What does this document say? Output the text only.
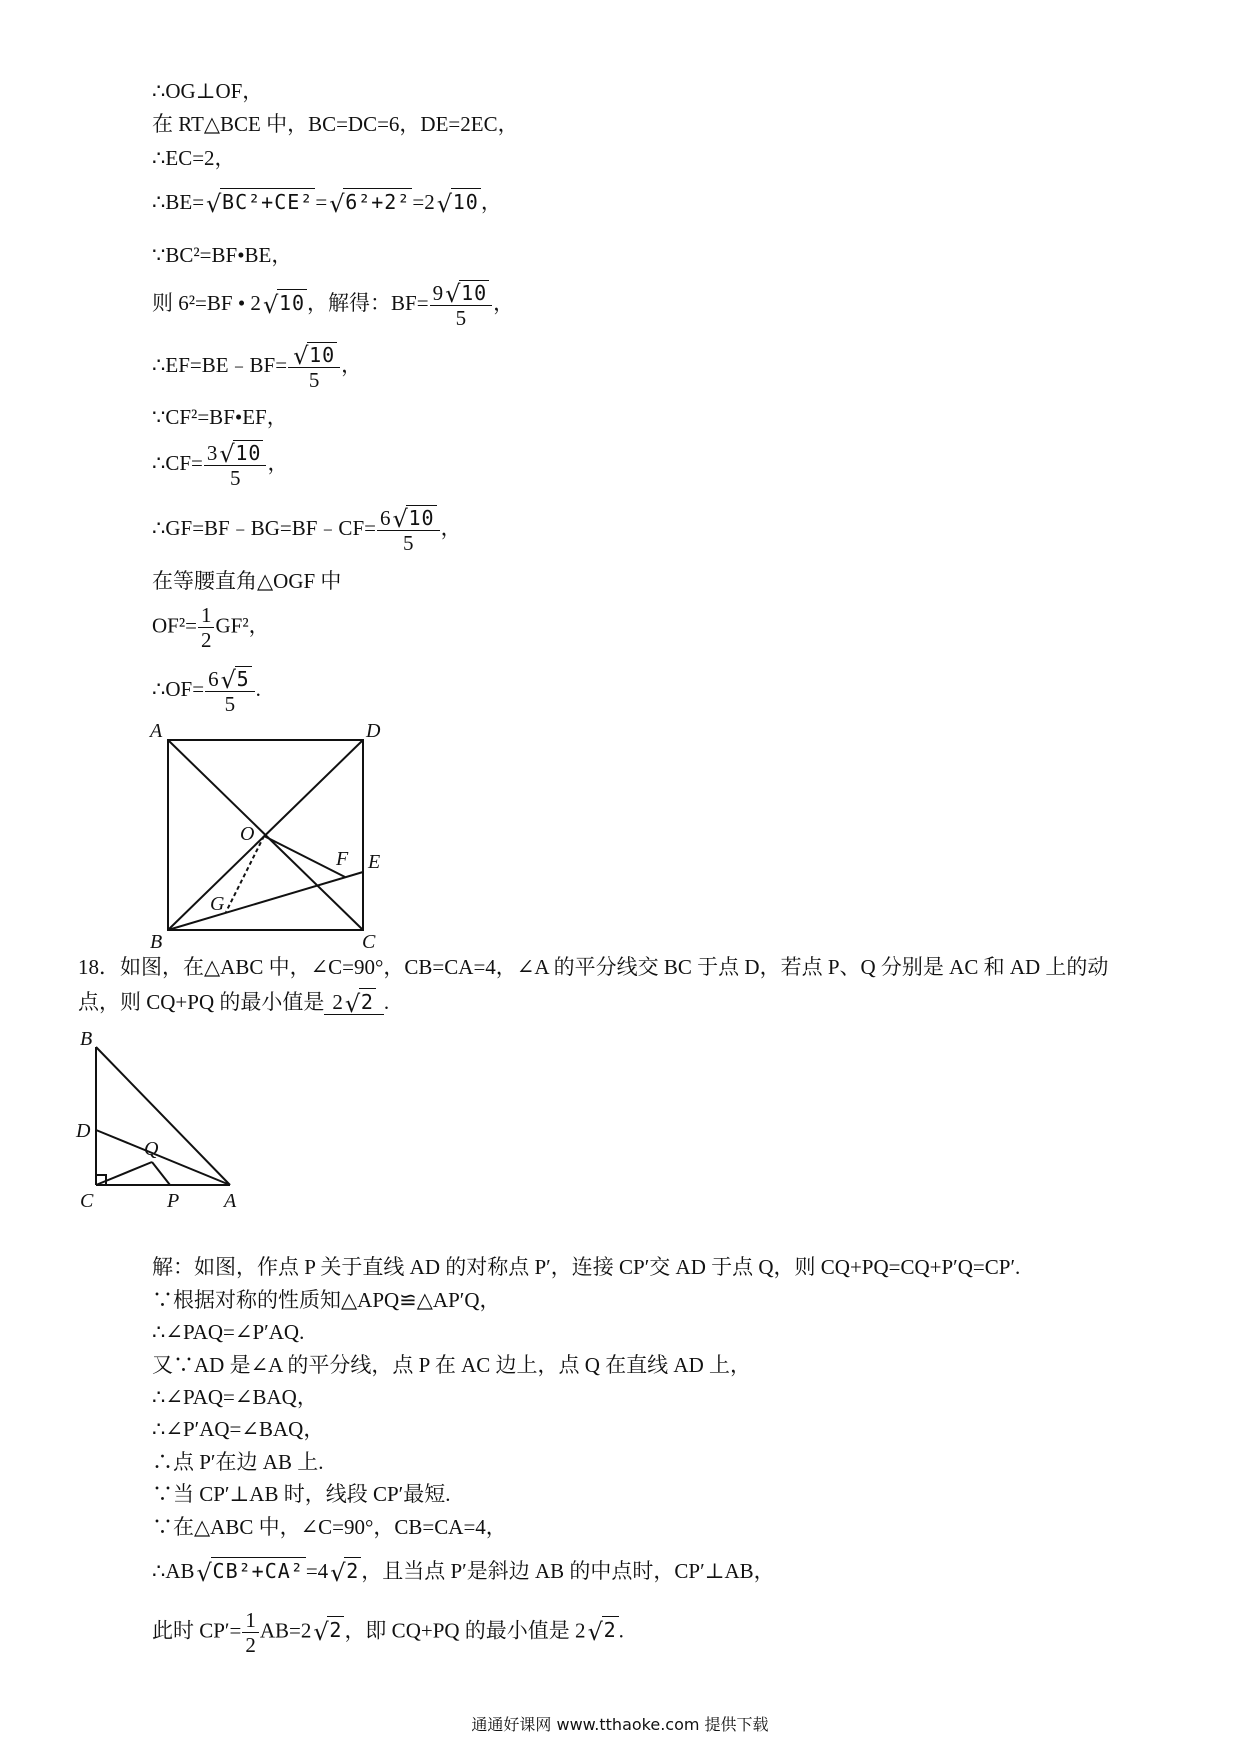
∴OG⊥OF，
在 RT△BCE 中，BC=DC=6，DE=2EC，
∴EC=2，
∴BE= √ BC²+CE²= √ 6²+2²=2 √ 10，
∵BC²=BF•BE，
则 6²=BF • 2 √ 10，解得：$BF= \frac{9 √ 10}{5}$ ，
∴EF=BE﹣BF= $\frac{√ 10}{5}$ ，
∵CF²=BF•EF，
∴CF= $\frac{3 √ 10}{5}$ ，
∴GF=BF﹣BG=BF﹣CF= $\frac{6 √ 10}{5}$ ，
在等腰直角△OGF 中
$OF^2= \frac{1}{2} GF^2$，
∴OF= $\frac{6 √ 5}{5}$ .
A	D
O
F E
G
B	C
18．如图，在△ABC 中，∠C=90°，CB=CA=4，∠A 的平分线交 BC 于点 D，若点 P、Q 分别是 AC 和 AD 上的动
点，则 CQ+PQ 的最小值是 2 √ 2 .
B
D
Q
C	P A
解：如图，作点 P 关于直线 AD 的对称点 P′，连接 CP′交 AD 于点 Q，则 CQ+PQ=CQ+P′Q=CP′.
∵根据对称的性质知△APQ≌△AP′Q，
∴∠PAQ=∠P′AQ.
又∵AD 是∠A 的平分线，点 P 在 AC 边上，点 Q 在直线 AD 上，
∴∠PAQ=∠BAQ，
∴∠P′AQ=∠BAQ，
∴点 P′在边 AB 上.
∵当 CP′⊥AB 时，线段 CP′最短.
∵在△ABC 中，∠C=90°，CB=CA=4，
∴AB √ CB²+CA²=4 √ 2，且当点 P′是斜边 AB 的中点时，CP′⊥AB，
此时 $CP'= \frac{1}{2} AB=2$ √ 2，即 CQ+PQ 的最小值是 2 √ 2.
通通好课网 www.tthaoke.com 提供下载
